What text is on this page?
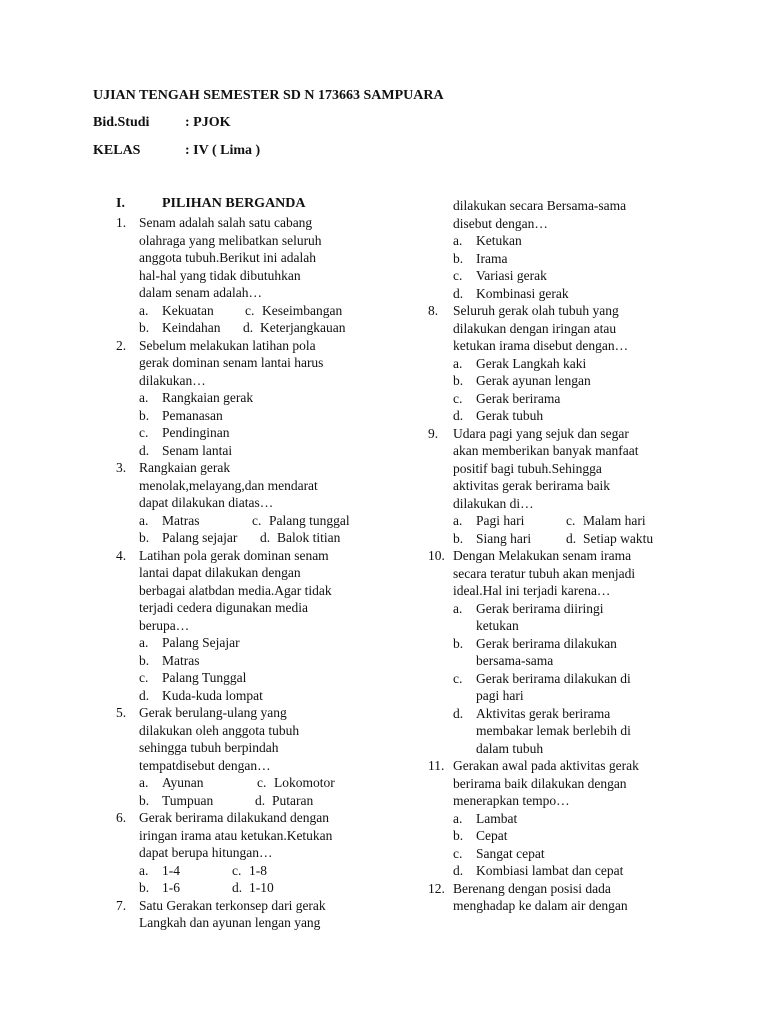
UJIAN TENGAH SEMESTER SD N 173663 SAMPUARA
Bid.Studi	: PJOK
KELAS	: IV ( Lima )
I.	PILIHAN BERGANDA
1. Senam adalah salah satu cabang
olahraga yang melibatkan seluruh
anggota tubuh.Berikut ini adalah
hal-hal yang tidak dibutuhkan
dalam senam adalah…
a. Kekuatan c. Keseimbangan
b. Keindahan d. Keterjangkauan
2. Sebelum melakukan latihan pola
gerak dominan senam lantai harus
dilakukan…
a. Rangkaian gerak
b. Pemanasan
c. Pendinginan
d. Senam lantai
3. Rangkaian gerak
menolak,melayang,dan mendarat
dapat dilakukan diatas…
a. Matras	c. Palang tunggal
b. Palang sejajar d. Balok titian
4. Latihan pola gerak dominan senam
lantai dapat dilakukan dengan
berbagai alatbdan media.Agar tidak
terjadi cedera digunakan media
berupa…
a. Palang Sejajar
b. Matras
c. Palang Tunggal
d. Kuda-kuda lompat
5. Gerak berulang-ulang yang
dilakukan oleh anggota tubuh
sehingga tubuh berpindah
tempatdisebut dengan…
a. Ayunan	c. Lokomotor
b. Tumpuan	d. Putaran
6. Gerak berirama dilakukand dengan
iringan irama atau ketukan.Ketukan
dapat berupa hitungan…
a. 1-4	c. 1-8
b. 1-6	d. 1-10
7. Satu Gerakan terkonsep dari gerak
Langkah dan ayunan lengan yang
dilakukan secara Bersama-sama
disebut dengan…
a. Ketukan
b. Irama
c. Variasi gerak
d. Kombinasi gerak
8. Seluruh gerak olah tubuh yang
dilakukan dengan iringan atau
ketukan irama disebut dengan…
a. Gerak Langkah kaki
b. Gerak ayunan lengan
c. Gerak berirama
d. Gerak tubuh
9. Udara pagi yang sejuk dan segar
akan memberikan banyak manfaat
positif bagi tubuh.Sehingga
aktivitas gerak berirama baik
dilakukan di…
a. Pagi hari	c. Malam hari
b. Siang hari	d. Setiap waktu
10. Dengan Melakukan senam irama
secara teratur tubuh akan menjadi
ideal.Hal ini terjadi karena…
a. Gerak berirama diiringi
ketukan
b. Gerak berirama dilakukan
bersama-sama
c. Gerak berirama dilakukan di
pagi hari
d. Aktivitas gerak berirama
membakar lemak berlebih di
dalam tubuh
11. Gerakan awal pada aktivitas gerak
berirama baik dilakukan dengan
menerapkan tempo…
a. Lambat
b. Cepat
c. Sangat cepat
d. Kombiasi lambat dan cepat
12. Berenang dengan posisi dada
menghadap ke dalam air dengan
